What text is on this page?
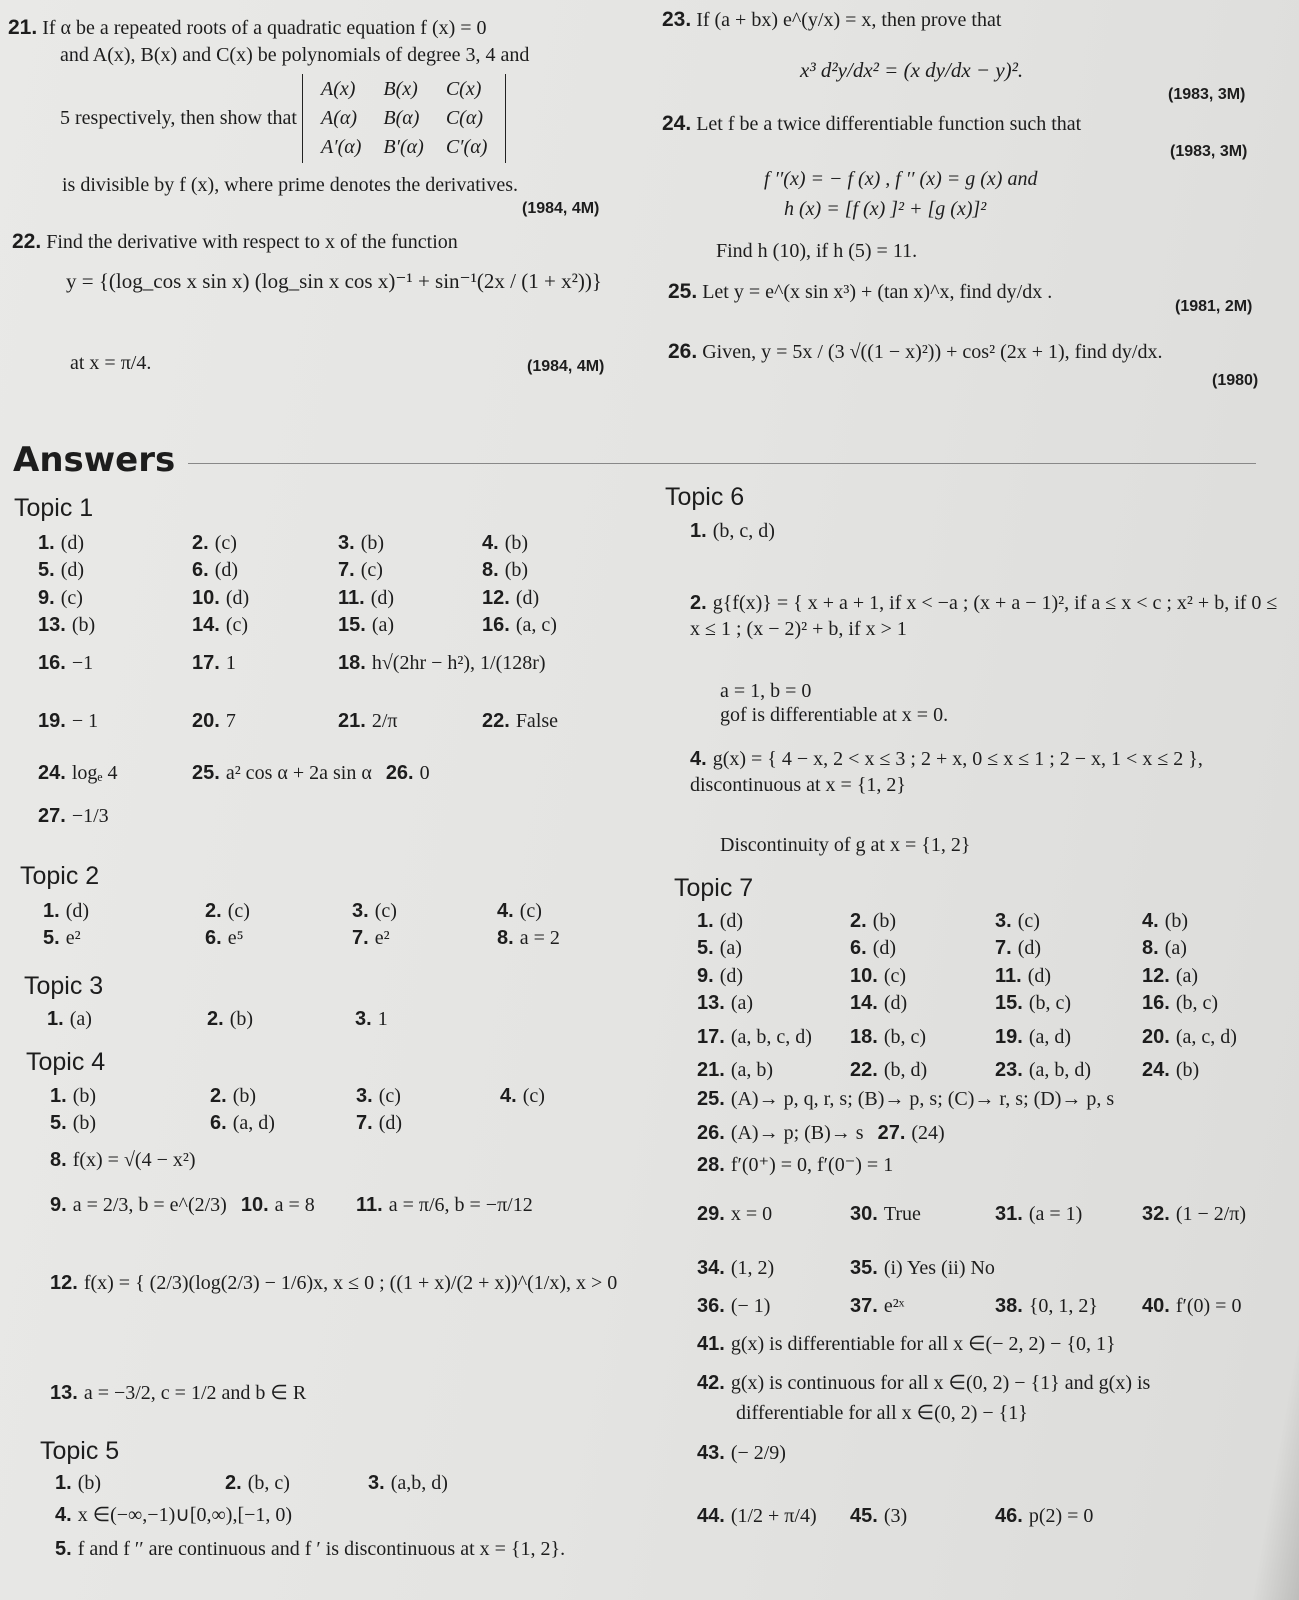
21. If α be a repeated roots of a quadratic equation f (x) = 0
and A(x), B(x) and C(x) be polynomials of degree 3, 4 and
5 respectively, then show that A(x)	B(x)	C(x)
A(α)	B(α)	C(α)
A′(α)	B′(α)	C′(α)
is divisible by f (x), where prime denotes the derivatives.
(1984, 4M)
22. Find the derivative with respect to x of the function
y = {(log_cos x sin x) (log_sin x cos x)⁻¹ + sin⁻¹(2x / (1 + x²))}
at x = π/4.	(1984, 4M)
23. If (a + bx) e^(y/x) = x, then prove that
x³ d²y/dx² = (x dy/dx − y)².
(1983, 3M)
24. Let f be a twice differentiable function such that
(1983, 3M)
f ′′(x) = − f (x) , f ′′ (x) = g (x) and
h (x) = [f (x) ]² + [g (x)]²
Find h (10), if h (5) = 11.
25. Let y = e^(x sin x³) + (tan x)^x, find dy/dx .
(1981, 2M)
26. Given, y = 5x / (3 √((1 − x)²)) + cos² (2x + 1), find dy/dx.
(1980)
Answers
Topic 1
1. (d)	2. (c)	3. (b)	4. (b)
5. (d)	6. (d)	7. (c)	8. (b)
9. (c)	10. (d)	11. (d)	12. (d)
13. (b)	14. (c)	15. (a)	16. (a, c)
16. −1	17. 1	18. h√(2hr − h²), 1/(128r)
19. − 1	20. 7	21. 2/π	22. False
24. logₑ 4	25. a² cos α + 2a sin α 26. 0
27. −1/3
Topic 2
1. (d)	2. (c)	3. (c)	4. (c)
5. e²	6. e⁵	7. e²	8. a = 2
Topic 3
1. (a)	2. (b)	3. 1
Topic 4
1. (b)	2. (b)	3. (c)	4. (c)
5. (b)	6. (a, d)	7. (d)
8. f(x) = √(4 − x²)
9. a = 2/3, b = e^(2/3) 10. a = 8 11. a = π/6, b = −π/12
12. f(x) = { (2/3)(log(2/3) − 1/6)x, x ≤ 0 ; ((1 + x)/(2 + x))^(1/x), x > 0
13. a = −3/2, c = 1/2 and b ∈ R
Topic 5
1. (b)	2. (b, c)	3. (a,b, d)
4. x ∈(−∞,−1)∪[0,∞),[−1, 0)
5. f and f ′′ are continuous and f ′ is discontinuous at x = {1, 2}.
Topic 6
1. (b, c, d)
2. g{f(x)} = { x + a + 1, if x < −a ; (x + a − 1)², if a ≤ x < c ; x² + b, if 0 ≤ x ≤ 1 ; (x − 2)² + b, if x > 1
a = 1, b = 0
gof is differentiable at x = 0.
4. g(x) = { 4 − x, 2 < x ≤ 3 ; 2 + x, 0 ≤ x ≤ 1 ; 2 − x, 1 < x ≤ 2 }, discontinuous at x = {1, 2}
Discontinuity of g at x = {1, 2}
Topic 7
1. (d)	2. (b)	3. (c)	4. (b)
5. (a)	6. (d)	7. (d)	8. (a)
9. (d)	10. (c)	11. (d)	12. (a)
13. (a)	14. (d)	15. (b, c)	16. (b, c)
17. (a, b, c, d) 18. (b, c)	19. (a, d)	20. (a, c, d)
21. (a, b)	22. (b, d)	23. (a, b, d)	24. (b)
25. (A)→ p, q, r, s; (B)→ p, s; (C)→ r, s; (D)→ p, s
26. (A)→ p; (B)→ s 27. (24)
28. f′(0⁺) = 0, f′(0⁻) = 1
29. x = 0	30. True	31. (a = 1)	32. (1 − 2/π)
34. (1, 2)	35. (i) Yes (ii) No
36. (− 1)	37. e²ˣ	38. {0, 1, 2} 40. f′(0) = 0
41. g(x) is differentiable for all x ∈(− 2, 2) − {0, 1}
42. g(x) is continuous for all x ∈(0, 2) − {1} and g(x) is
differentiable for all x ∈(0, 2) − {1}
43. (− 2/9)
44. (1/2 + π/4) 45. (3)	46. p(2) = 0
